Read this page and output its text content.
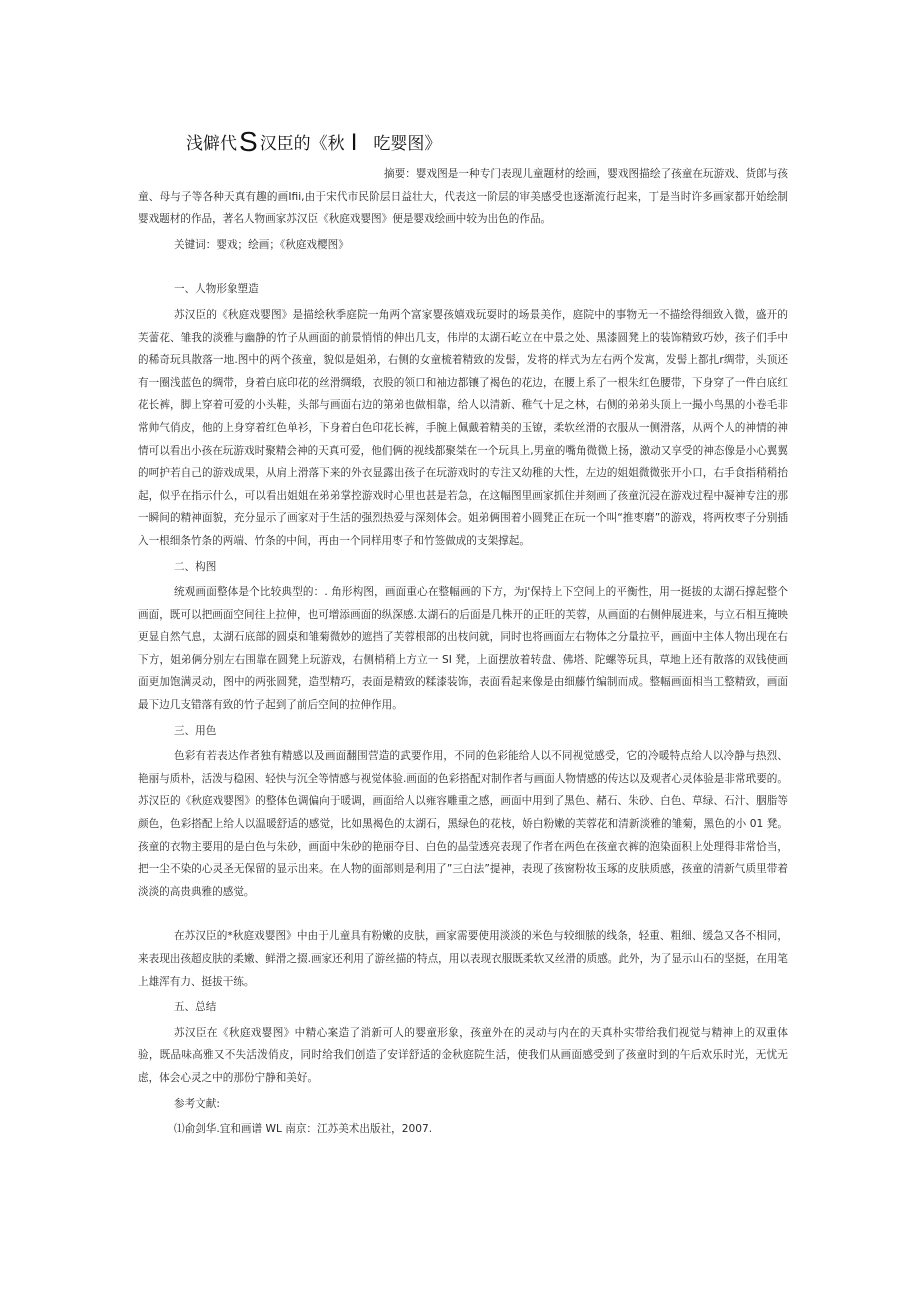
浅僻代S 汉臣的《秋 I 吃婴图》

摘要：婴戏图是一种专门表现儿童题材的绘画，婴戏图描绘了孩童在玩游戏、货郎与孩童、母与子等各种天真有趣的画Ifii,由于宋代市民阶层日益壮大，代表这一阶层的审美感受也逐渐流行起来，丁是当时许多画家都开始绘制婴戏题材的作品，著名人物画家苏汉臣《秋庭戏婴图》便是婴戏绘画中较为出色的作品。

关键词：婴戏；绘画；《秋庭戏樱图》

一、人物形象塑造

苏汉臣的《秋庭戏婴图》是描绘秋季庭院一角两个富家婴孩嬉戏玩耍时的场景美作，庭院中的事物无一不描绘得细致入微，盛开的芙蕾花、雏我的淡雅与幽静的竹子从画面的前景悄悄的伸出几支，伟岸的太湖石屹立在中景之处、黑漆圆凳上的装饰精致巧妙，孩子们手中的稀奇玩具散落一地.图中的两个孩童，貌似是姐弟，右侧的女童梳着精致的发髻，发将的样式为左右两个发寓，发髻上都扎r绸带，头顶还有一圈浅蓝色的绸带，身着白底印花的丝滑绸缎，衣股的领口和袖边都镶了褐色的花边，在腰上系了一根朱红色腰带，下身穿了一件白底红花长裤，脚上穿着可爱的小头鞋，头部与画面右边的第弟也做相靠，给人以清新、稚气十足之林，右侧的弟弟头顶上一撮小鸟黑的小卷毛非常帅气俏皮，他的上身穿着红色单衫，下身着白色印花长裤，手腕上佩戴着精美的玉镣，柔软丝滑的衣服从一侧滑落，从两个人的神情的神情可以看出小孩在玩游戏时聚精会神的天真可爱，他们俩的视线都聚桀在一个玩具上,男童的嘴角微微上扬，激动又享受的神态像是小心翼翼的呵护若自己的游戏成果，从肩上滑落下来的外衣显露出孩子在玩游戏时的专注又幼稚的大性，左边的姐姐微微张开小口，右手食指稍稍抬起，似乎在指示什么，可以看出姐姐在弟弟掌控游戏时心里也甚是若急，在这幅图里画家抓住并刻画了孩童沉浸在游戏过程中凝神专注的那一瞬间的精神面貌，充分显示了画家对于生活的强烈热爱与深刻体会。姐弟俩围着小圆凳正在玩一个叫“推枣磨”的游戏，将两枚枣子分别插入一根细条竹条的两端、竹条的中间，再由一个同样用枣子和竹签做成的支架撑起。

二、构图

统观画面整体是个比较典型的：. 角形构图，画面重心在整幅画的下方，为j'保持上下空间上的平衡性，用一挺拔的太湖石撑起整个画面，既可以把画面空间往上拉伸，也可增添画面的纵深感.太湖石的后面是几株开的正旺的芙蓉，从画面的右侧伸展进来，与立石相互掩映更显自然气息，太湖石底部的圆桌和雏菊微妙的遮挡了芙蓉根部的出枝问就，同时也将画面左右物体之分量拉平，画面中主体人物出现在右下方，姐弟俩分别左右围靠在圆凳上玩游戏，右侧梢稍上方立一 SI 凳，上面摆放着转盘、佛塔、陀螺等玩具，草地上还有散落的双钱使画面更加饱满灵动，图中的两张圆凳，造型精巧，表面是精致的糅漆装饰，表面看起来像是由细藤竹编制而成。整幅画面相当工整精致，画面最下边几支错落有致的竹子起到了前后空间的拉伸作用。

三、用色

色彩有若表达作者独有精感以及画面翻围营造的武要作用，不同的色彩能给人以不同视觉感受，它的冷暖特点给人以冷静与热烈、艳丽与质朴，活泼与稳困、轻快与沉全等情感与视觉体验.画面的色彩搭配对制作者与画面人物情感的传达以及观者心灵体验是非常玳要的。苏汉臣的《秋庭戏婴图》的整体色调偏向于暖调，画面给人以雍容雕重之感，画面中用到了黑色、赭石、朱砂、白色、草绿、石汁、胭脂等颜色，色彩搭配上给人以温暖舒适的感觉，比如黑褐色的太湖石，黑绿色的花枝，娇白粉嫩的芙蓉花和清新淡雅的雏菊，黑色的小 01 凳。孩童的衣物主要用的是白色与朱砂，画面中朱砂的艳丽夺目、白色的晶莹透亮表现了作者在两色在孩童衣裤的泡染面积上处理得非常恰当，把一尘不染的心灵圣无保留的显示出来。在人物的面部则是利用了”三白法”提神，表现了孩窗粉妆玉琢的皮肤质感，孩童的清新气质里带着淡淡的高贵典雅的感觉。

在苏汉臣的*秋庭戏婴图》中由于儿童具有粉嫩的皮肤，画家需要使用淡淡的米色与较细脓的线条，轻重、粗细、缓急又各不相同，来表现出孩超皮肤的柔嫩、鲜滑之掇.画家还利用了游丝描的特点，用以表现衣服既柔软又丝滑的质感。此外，为了显示山石的坚挺，在用笔上雄浑有力、挺拔干练。

五、总结

苏汉臣在《秋庭戏婴图》中精心案造了消新可人的婴童形象，孩童外在的灵动与内在的天真朴实带给我们视觉与精神上的双重体验，既品味高雅又不失活泼俏皮，同时给我们创造了安详舒适的金秋庭院生活，使我们从画面感受到了孩童时到的午后欢乐时光，无忧无虑，体会心灵之中的那份宁静和美好。

参考文献:

⑴俞剑华.宜和画谱 WL 南京：江苏美术出版社，2007.
